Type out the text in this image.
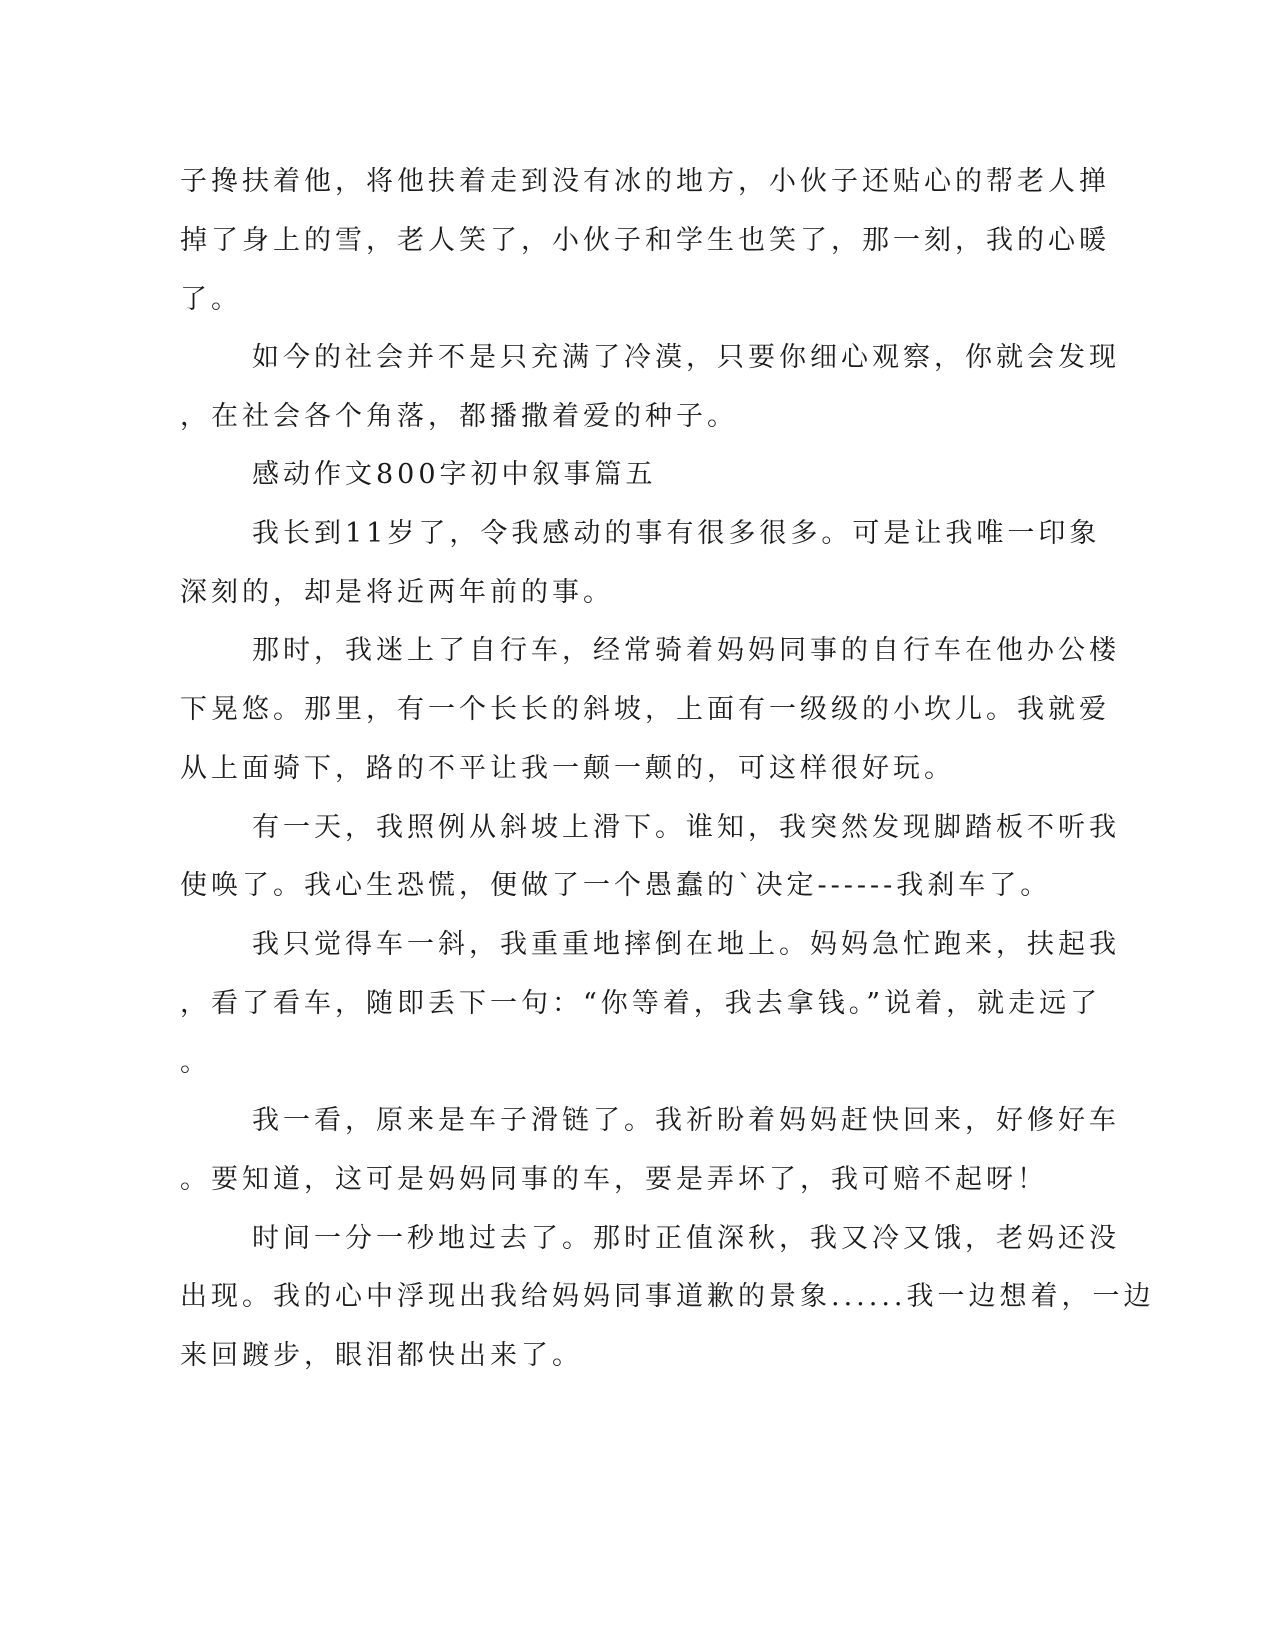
子搀扶着他，将他扶着走到没有冰的地方，小伙子还贴心的帮老人掸
掉了身上的雪，老人笑了，小伙子和学生也笑了，那一刻，我的心暖
了。
如今的社会并不是只充满了冷漠，只要你细心观察，你就会发现
，在社会各个角落，都播撒着爱的种子。
感动作文800字初中叙事篇五
我长到11岁了，令我感动的事有很多很多。可是让我唯一印象
深刻的，却是将近两年前的事。
那时，我迷上了自行车，经常骑着妈妈同事的自行车在他办公楼
下晃悠。那里，有一个长长的斜坡，上面有一级级的小坎儿。我就爱
从上面骑下，路的不平让我一颠一颠的，可这样很好玩。
有一天，我照例从斜坡上滑下。谁知，我突然发现脚踏板不听我
使唤了。我心生恐慌，便做了一个愚蠢的`决定------我刹车了。
我只觉得车一斜，我重重地摔倒在地上。妈妈急忙跑来，扶起我
，看了看车，随即丢下一句：“你等着，我去拿钱。”说着，就走远了
。
我一看，原来是车子滑链了。我祈盼着妈妈赶快回来，好修好车
。要知道，这可是妈妈同事的车，要是弄坏了，我可赔不起呀！
时间一分一秒地过去了。那时正值深秋，我又冷又饿，老妈还没
出现。我的心中浮现出我给妈妈同事道歉的景象......我一边想着，一边
来回踱步，眼泪都快出来了。
